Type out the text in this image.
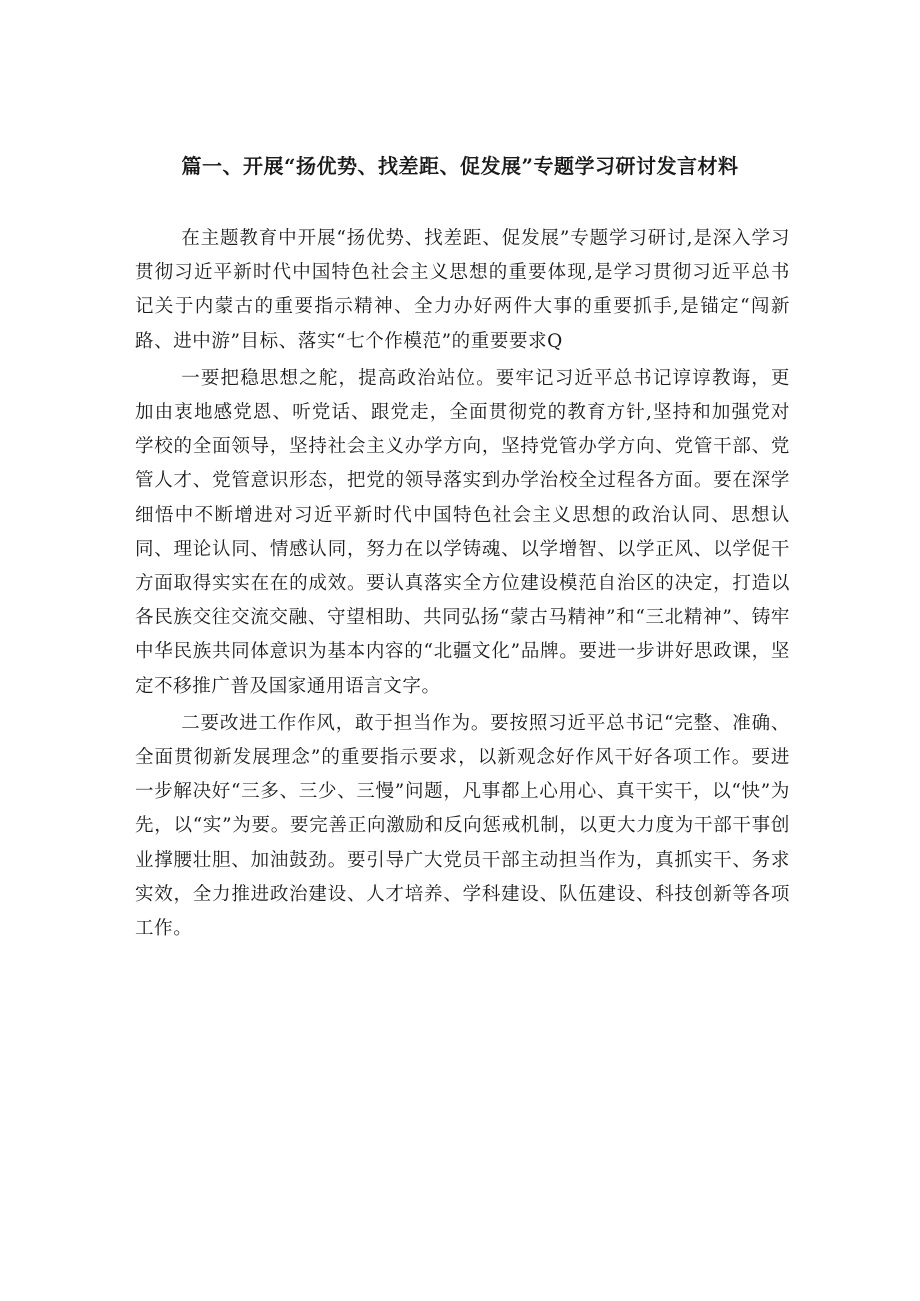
篇一、开展“扬优势、找差距、促发展”专题学习研讨发言材料

在主题教育中开展“扬优势、找差距、促发展”专题学习研讨,是深入学习贯彻习近平新时代中国特色社会主义思想的重要体现,是学习贯彻习近平总书记关于内蒙古的重要指示精神、全力办好两件大事的重要抓手,是锚定“闯新路、进中游”目标、落实“七个作模范”的重要要求Q

一要把稳思想之舵，提高政治站位。要牢记习近平总书记谆谆教诲，更加由衷地感党恩、听党话、跟党走，全面贯彻党的教育方针,坚持和加强党对学校的全面领导，坚持社会主义办学方向，坚持党管办学方向、党管干部、党管人才、党管意识形态，把党的领导落实到办学治校全过程各方面。要在深学细悟中不断增进对习近平新时代中国特色社会主义思想的政治认同、思想认同、理论认同、情感认同，努力在以学铸魂、以学增智、以学正风、以学促干方面取得实实在在的成效。要认真落实全方位建设模范自治区的决定，打造以各民族交往交流交融、守望相助、共同弘扬“蒙古马精神”和“三北精神”、铸牢中华民族共同体意识为基本内容的“北疆文化”品牌。要进一步讲好思政课，坚定不移推广普及国家通用语言文字。

二要改进工作作风，敢于担当作为。要按照习近平总书记“完整、准确、全面贯彻新发展理念”的重要指示要求，以新观念好作风干好各项工作。要进一步解决好“三多、三少、三慢”问题，凡事都上心用心、真干实干，以“快”为先，以“实”为要。要完善正向激励和反向惩戒机制，以更大力度为干部干事创业撑腰壮胆、加油鼓劲。要引导广大党员干部主动担当作为，真抓实干、务求实效，全力推进政治建设、人才培养、学科建设、队伍建设、科技创新等各项工作。
